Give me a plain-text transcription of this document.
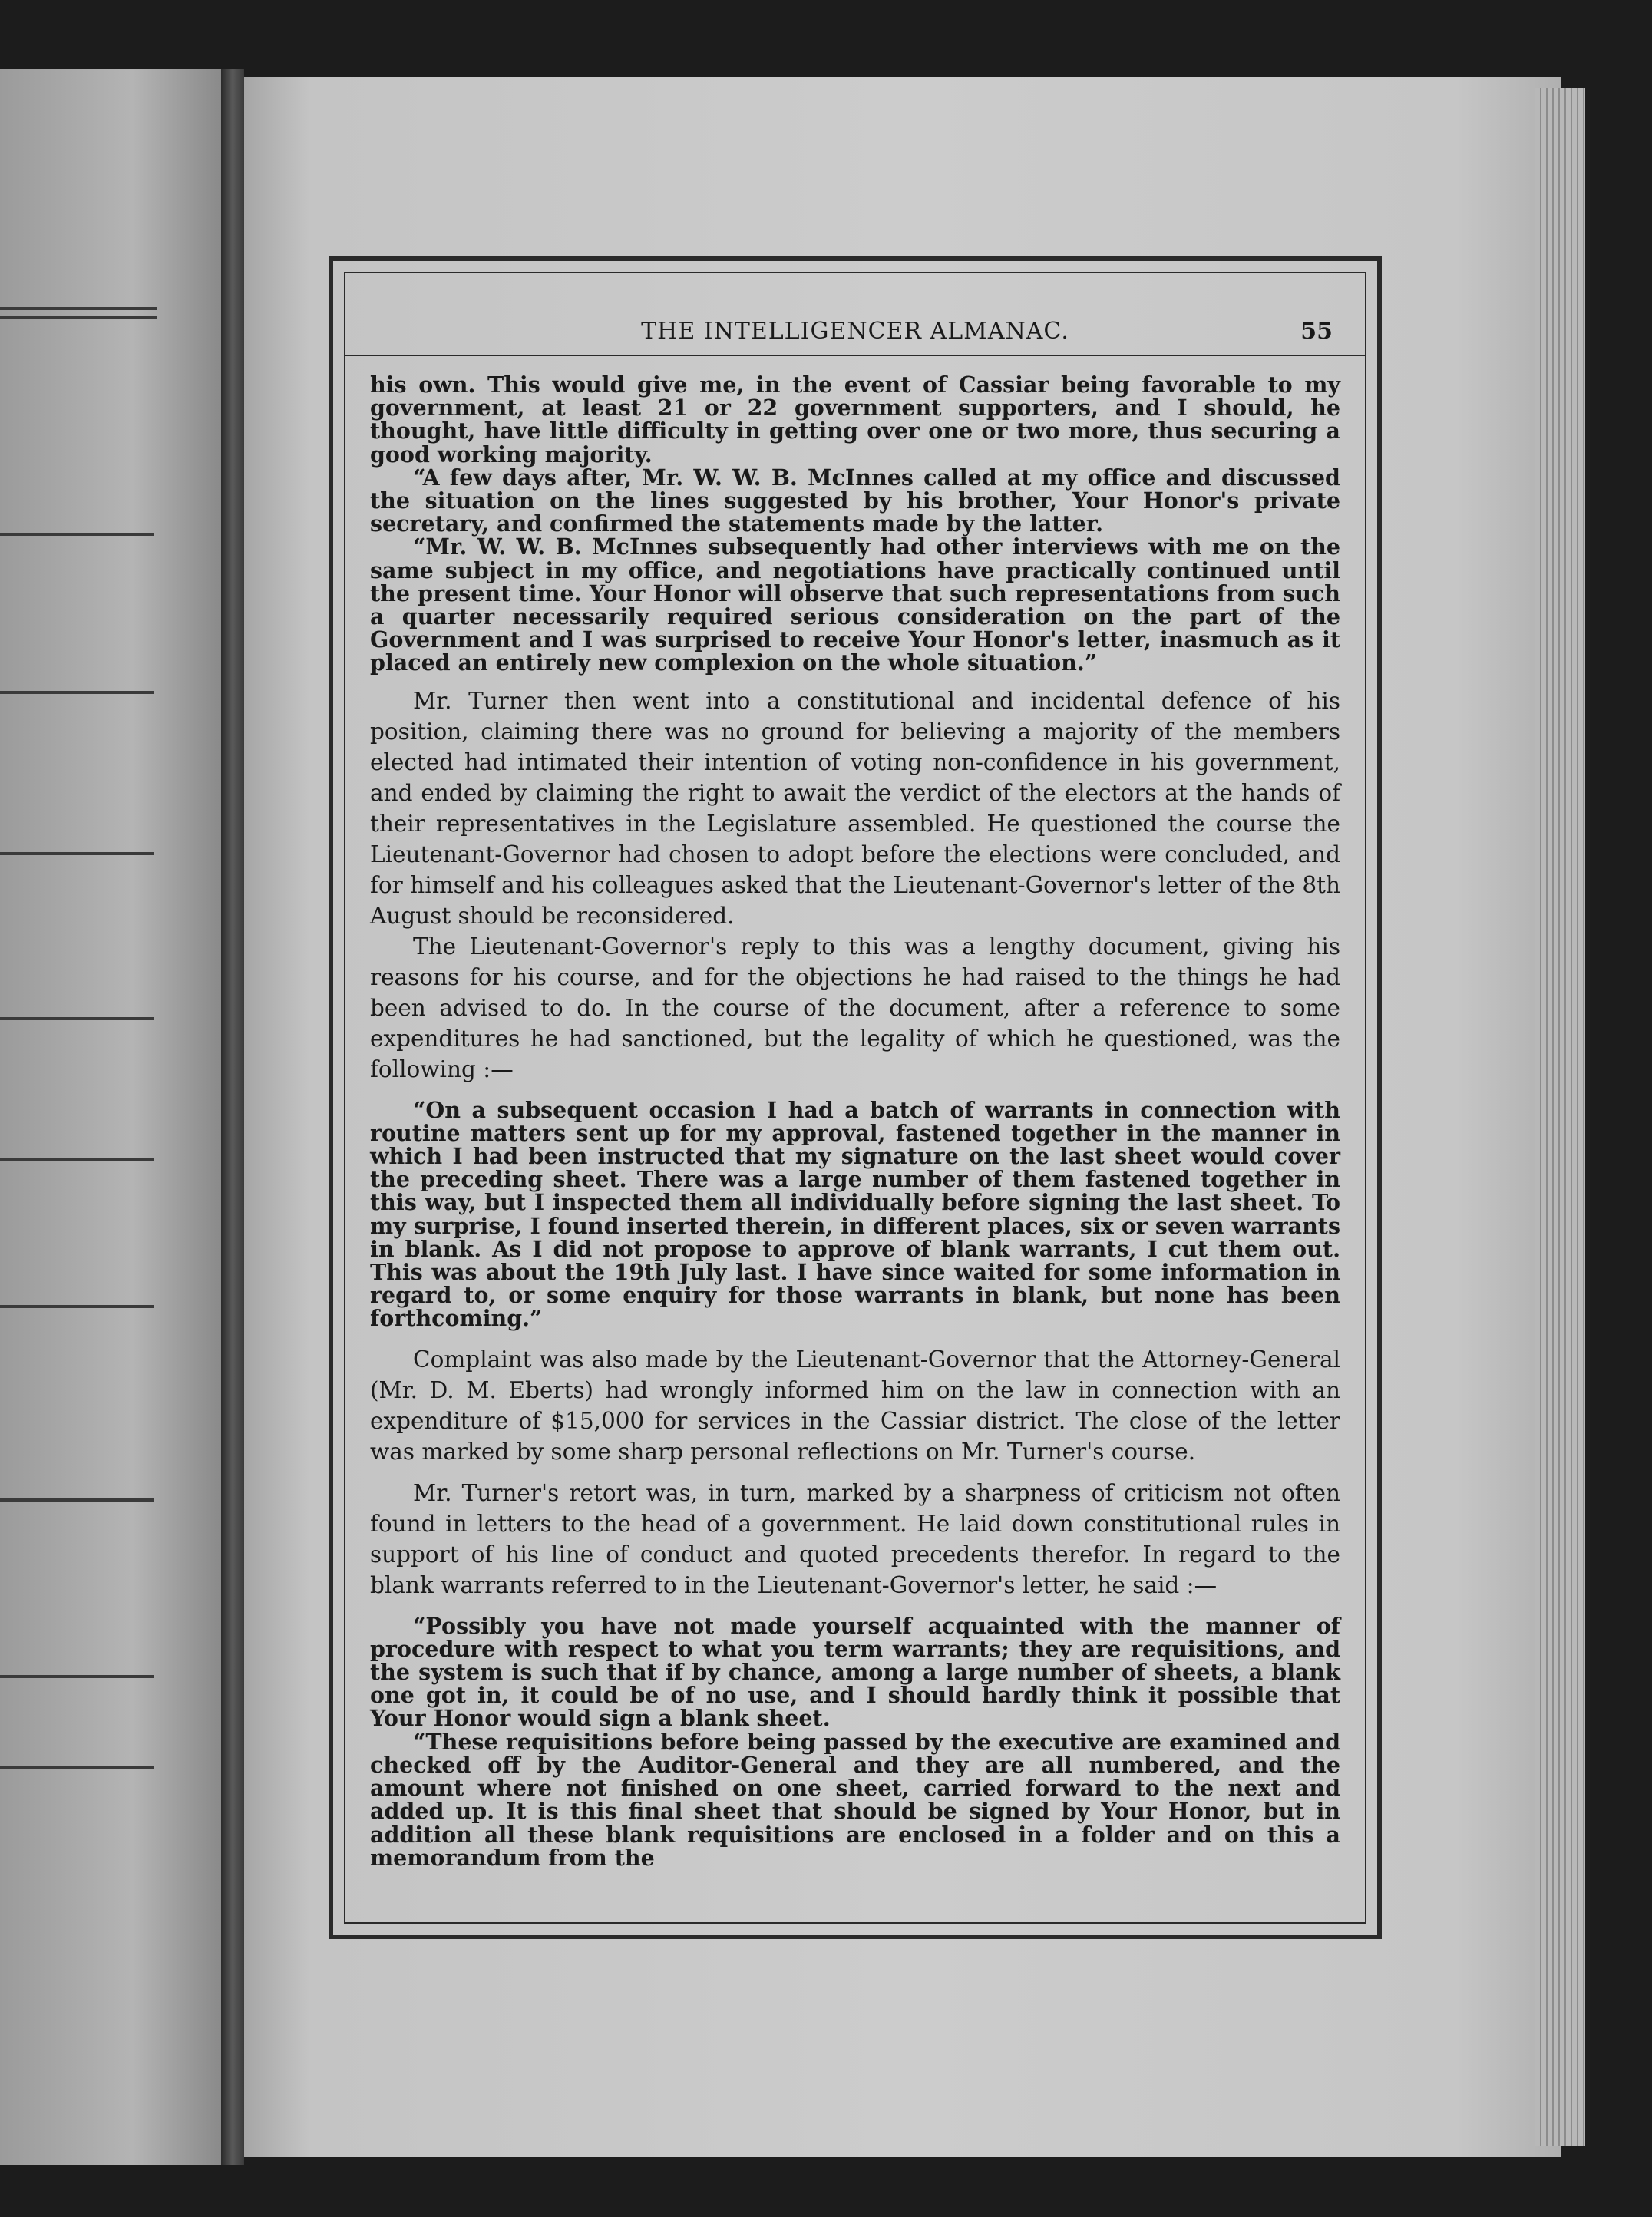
THE INTELLIGENCER ALMANAC.	55

his own. This would give me, in the event of Cassiar being favorable to my government, at least 21 or 22 government supporters, and I should, he thought, have little difficulty in getting over one or two more, thus securing a good working majority.

“A few days after, Mr. W. W. B. McInnes called at my office and discussed the situation on the lines suggested by his brother, Your Honor's private secretary, and confirmed the statements made by the latter.

“Mr. W. W. B. McInnes subsequently had other interviews with me on the same subject in my office, and negotiations have practically continued until the present time. Your Honor will observe that such representations from such a quarter necessarily required serious consideration on the part of the Government and I was surprised to receive Your Honor's letter, inasmuch as it placed an entirely new complexion on the whole situation.”

Mr. Turner then went into a constitutional and incidental defence of his position, claiming there was no ground for believing a majority of the members elected had intimated their intention of voting non-confidence in his government, and ended by claiming the right to await the verdict of the electors at the hands of their representatives in the Legislature assembled. He questioned the course the Lieutenant-Governor had chosen to adopt before the elections were concluded, and for himself and his colleagues asked that the Lieutenant-Governor's letter of the 8th August should be reconsidered.

The Lieutenant-Governor's reply to this was a lengthy document, giving his reasons for his course, and for the objections he had raised to the things he had been advised to do. In the course of the document, after a reference to some expenditures he had sanctioned, but the legality of which he questioned, was the following :—

“On a subsequent occasion I had a batch of warrants in connection with routine matters sent up for my approval, fastened together in the manner in which I had been instructed that my signature on the last sheet would cover the preceding sheet. There was a large number of them fastened together in this way, but I inspected them all individually before signing the last sheet. To my surprise, I found inserted therein, in different places, six or seven warrants in blank. As I did not propose to approve of blank warrants, I cut them out. This was about the 19th July last. I have since waited for some information in regard to, or some enquiry for those warrants in blank, but none has been forthcoming.”

Complaint was also made by the Lieutenant-Governor that the Attorney-General (Mr. D. M. Eberts) had wrongly informed him on the law in connection with an expenditure of $15,000 for services in the Cassiar district. The close of the letter was marked by some sharp personal reflections on Mr. Turner's course.

Mr. Turner's retort was, in turn, marked by a sharpness of criticism not often found in letters to the head of a government. He laid down constitutional rules in support of his line of conduct and quoted precedents therefor. In regard to the blank warrants referred to in the Lieutenant-Governor's letter, he said :—

“Possibly you have not made yourself acquainted with the manner of procedure with respect to what you term warrants; they are requisitions, and the system is such that if by chance, among a large number of sheets, a blank one got in, it could be of no use, and I should hardly think it possible that Your Honor would sign a blank sheet.

“These requisitions before being passed by the executive are examined and checked off by the Auditor-General and they are all numbered, and the amount where not finished on one sheet, carried forward to the next and added up. It is this final sheet that should be signed by Your Honor, but in addition all these blank requisitions are enclosed in a folder and on this a memorandum from the
